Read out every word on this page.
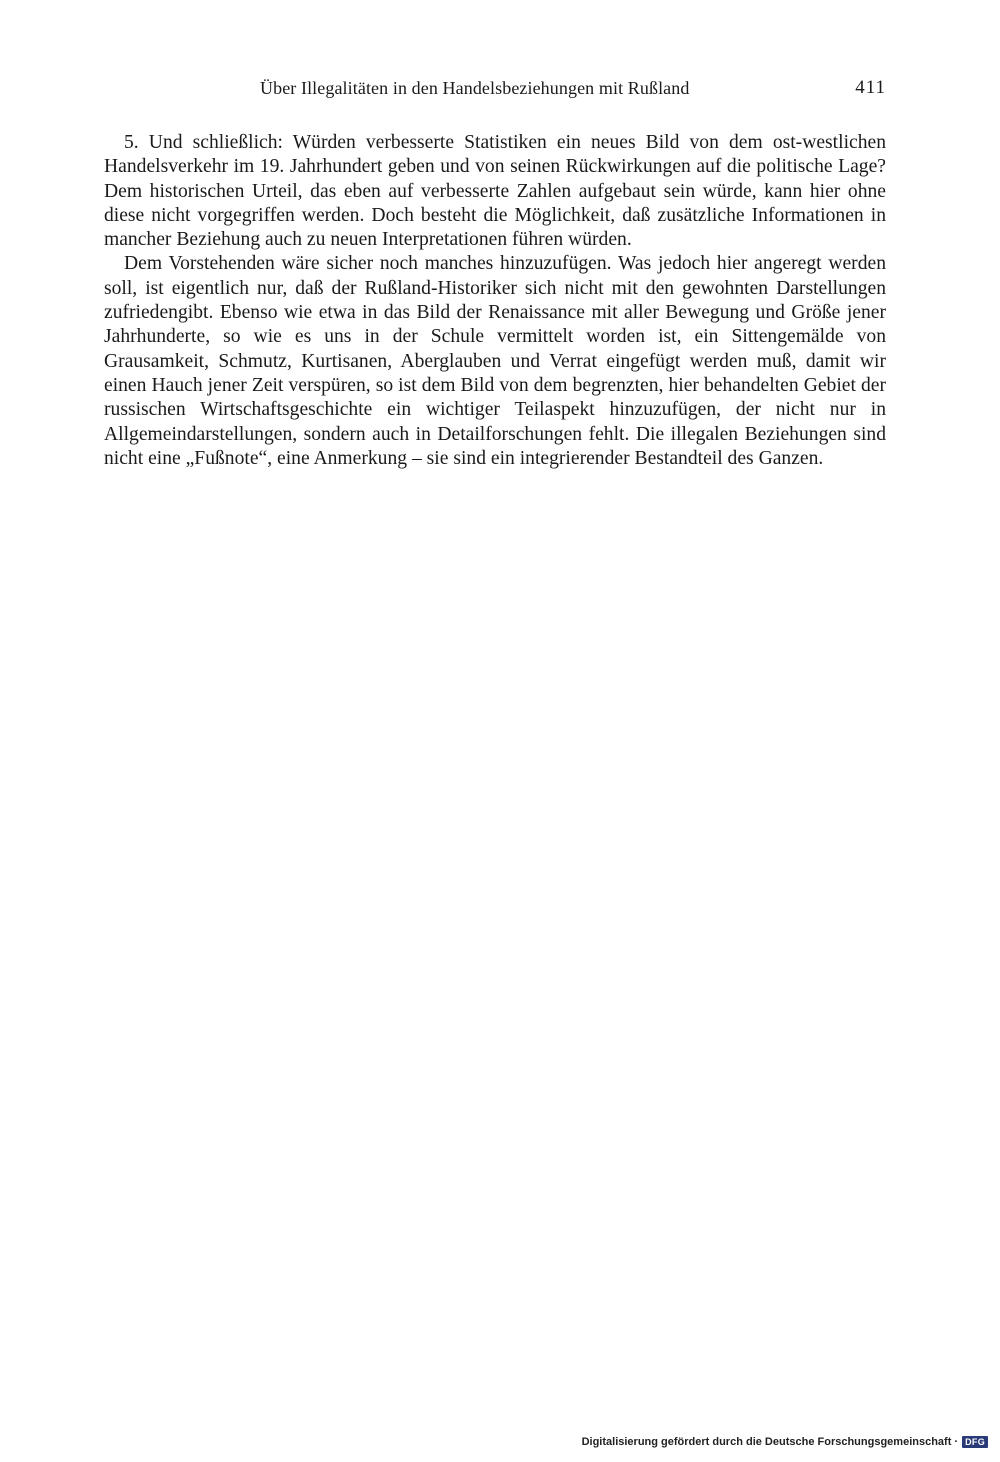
Über Illegalitäten in den Handelsbeziehungen mit Rußland	411

5. Und schließlich: Würden verbesserte Statistiken ein neues Bild von dem ost-westlichen Handelsverkehr im 19. Jahrhundert geben und von seinen Rückwirkungen auf die politische Lage? Dem historischen Urteil, das eben auf verbesserte Zahlen aufgebaut sein würde, kann hier ohne diese nicht vorgegriffen werden. Doch besteht die Möglichkeit, daß zusätzliche Informationen in mancher Beziehung auch zu neuen Interpretationen führen würden.

Dem Vorstehenden wäre sicher noch manches hinzuzufügen. Was jedoch hier angeregt werden soll, ist eigentlich nur, daß der Rußland-Historiker sich nicht mit den gewohnten Darstellungen zufriedengibt. Ebenso wie etwa in das Bild der Renaissance mit aller Bewegung und Größe jener Jahrhunderte, so wie es uns in der Schule vermittelt worden ist, ein Sittengemälde von Grausamkeit, Schmutz, Kurtisanen, Aberglauben und Verrat eingefügt werden muß, damit wir einen Hauch jener Zeit verspüren, so ist dem Bild von dem begrenzten, hier behandelten Gebiet der russischen Wirtschaftsgeschichte ein wichtiger Teilaspekt hinzuzufügen, der nicht nur in Allgemeindarstellungen, sondern auch in Detailforschungen fehlt. Die illegalen Beziehungen sind nicht eine „Fußnote“, eine Anmerkung – sie sind ein integrierender Bestandteil des Ganzen.

Digitalisierung gefördert durch die Deutsche Forschungsgemeinschaft · DFG
